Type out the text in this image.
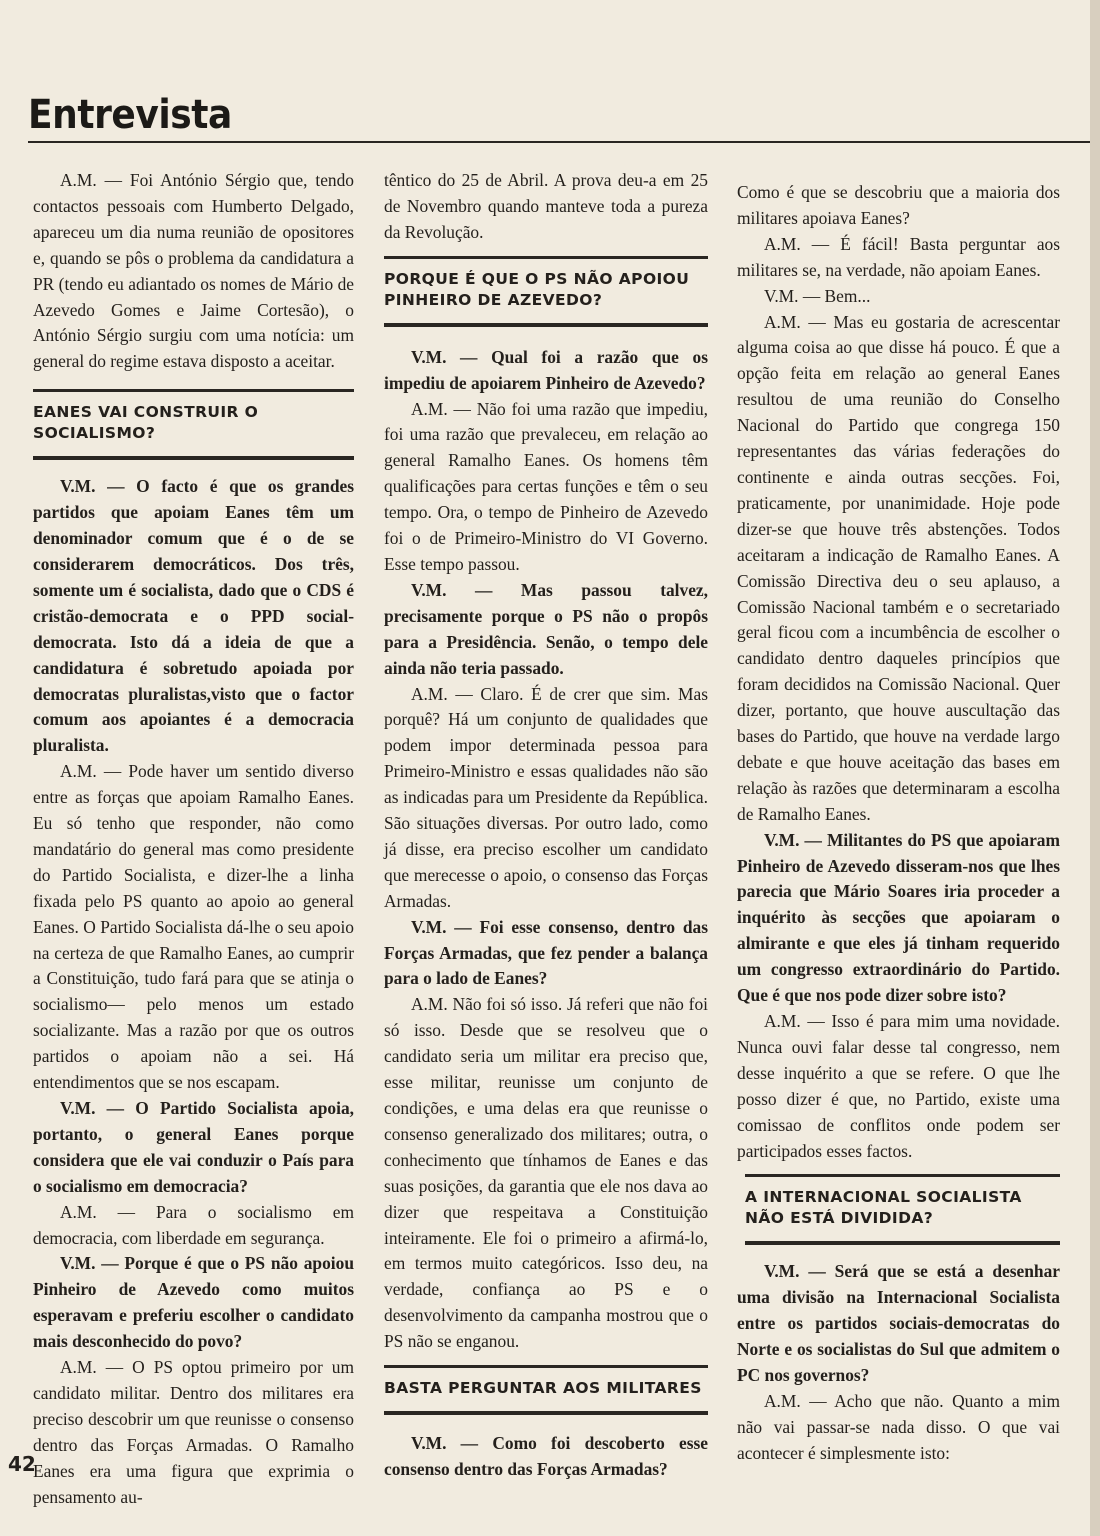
Entrevista

A.M. — Foi António Sérgio que, tendo contactos pessoais com Humberto Delgado, apareceu um dia numa reunião de opositores e, quando se pôs o problema da candidatura a PR (tendo eu adiantado os nomes de Mário de Azevedo Gomes e Jaime Cortesão), o António Sérgio surgiu com uma notícia: um general do regime estava disposto a aceitar.

EANES VAI CONSTRUIR O SOCIALISMO?

V.M. — O facto é que os grandes partidos que apoiam Eanes têm um denominador comum que é o de se considerarem democráticos. Dos três, somente um é socialista, dado que o CDS é cristão-democrata e o PPD social-democrata. Isto dá a ideia de que a candidatura é sobretudo apoiada por democratas pluralistas,visto que o factor comum aos apoiantes é a democracia pluralista.

A.M. — Pode haver um sentido diverso entre as forças que apoiam Ramalho Eanes. Eu só tenho que responder, não como mandatário do general mas como presidente do Partido Socialista, e dizer-lhe a linha fixada pelo PS quanto ao apoio ao general Eanes. O Partido Socialista dá-lhe o seu apoio na certeza de que Ramalho Eanes, ao cumprir a Constituição, tudo fará para que se atinja o socialismo— pelo menos um estado socializante. Mas a razão por que os outros partidos o apoiam não a sei. Há entendimentos que se nos escapam.

V.M. — O Partido Socialista apoia, portanto, o general Eanes porque considera que ele vai conduzir o País para o socialismo em democracia?

A.M. — Para o socialismo em democracia, com liberdade em segurança.

V.M. — Porque é que o PS não apoiou Pinheiro de Azevedo como muitos esperavam e preferiu escolher o candidato mais desconhecido do povo?

A.M. — O PS optou primeiro por um candidato militar. Dentro dos militares era preciso descobrir um que reunisse o consenso dentro das Forças Armadas. O Ramalho Eanes era uma figura que exprimia o pensamento au-

têntico do 25 de Abril. A prova deu-a em 25 de Novembro quando manteve toda a pureza da Revolução.

PORQUE É QUE O PS NÃO APOIOU PINHEIRO DE AZEVEDO?

V.M. — Qual foi a razão que os impediu de apoiarem Pinheiro de Azevedo?

A.M. — Não foi uma razão que impediu, foi uma razão que prevaleceu, em relação ao general Ramalho Eanes. Os homens têm qualificações para certas funções e têm o seu tempo. Ora, o tempo de Pinheiro de Azevedo foi o de Primeiro-Ministro do VI Governo. Esse tempo passou.

V.M. — Mas passou talvez, precisamente porque o PS não o propôs para a Presidência. Senão, o tempo dele ainda não teria passado.

A.M. — Claro. É de crer que sim. Mas porquê? Há um conjunto de qualidades que podem impor determinada pessoa para Primeiro-Ministro e essas qualidades não são as indicadas para um Presidente da República. São situações diversas. Por outro lado, como já disse, era preciso escolher um candidato que merecesse o apoio, o consenso das Forças Armadas.

V.M. — Foi esse consenso, dentro das Forças Armadas, que fez pender a balança para o lado de Eanes?

A.M. Não foi só isso. Já referi que não foi só isso. Desde que se resolveu que o candidato seria um militar era preciso que, esse militar, reunisse um conjunto de condições, e uma delas era que reunisse o consenso generalizado dos militares; outra, o conhecimento que tínhamos de Eanes e das suas posições, da garantia que ele nos dava ao dizer que respeitava a Constituição inteiramente. Ele foi o primeiro a afirmá-lo, em termos muito categóricos. Isso deu, na verdade, confiança ao PS e o desenvolvimento da campanha mostrou que o PS não se enganou.

BASTA PERGUNTAR AOS MILITARES

V.M. — Como foi descoberto esse consenso dentro das Forças Armadas?

Como é que se descobriu que a maioria dos militares apoiava Eanes?

A.M. — É fácil! Basta perguntar aos militares se, na verdade, não apoiam Eanes.

V.M. — Bem...

A.M. — Mas eu gostaria de acrescentar alguma coisa ao que disse há pouco. É que a opção feita em relação ao general Eanes resultou de uma reunião do Conselho Nacional do Partido que congrega 150 representantes das várias federações do continente e ainda outras secções. Foi, praticamente, por unanimidade. Hoje pode dizer-se que houve três abstenções. Todos aceitaram a indicação de Ramalho Eanes. A Comissão Directiva deu o seu aplauso, a Comissão Nacional também e o secretariado geral ficou com a incumbência de escolher o candidato dentro daqueles princípios que foram decididos na Comissão Nacional. Quer dizer, portanto, que houve auscultação das bases do Partido, que houve na verdade largo debate e que houve aceitação das bases em relação às razões que determinaram a escolha de Ramalho Eanes.

V.M. — Militantes do PS que apoiaram Pinheiro de Azevedo disseram-nos que lhes parecia que Mário Soares iria proceder a inquérito às secções que apoiaram o almirante e que eles já tinham requerido um congresso extraordinário do Partido. Que é que nos pode dizer sobre isto?

A.M. — Isso é para mim uma novidade. Nunca ouvi falar desse tal congresso, nem desse inquérito a que se refere. O que lhe posso dizer é que, no Partido, existe uma comissao de conflitos onde podem ser participados esses factos.

A INTERNACIONAL SOCIALISTA NÃO ESTÁ DIVIDIDA?

V.M. — Será que se está a desenhar uma divisão na Internacional Socialista entre os partidos sociais-democratas do Norte e os socialistas do Sul que admitem o PC nos governos?

A.M. — Acho que não. Quanto a mim não vai passar-se nada disso. O que vai acontecer é simplesmente isto:

42
